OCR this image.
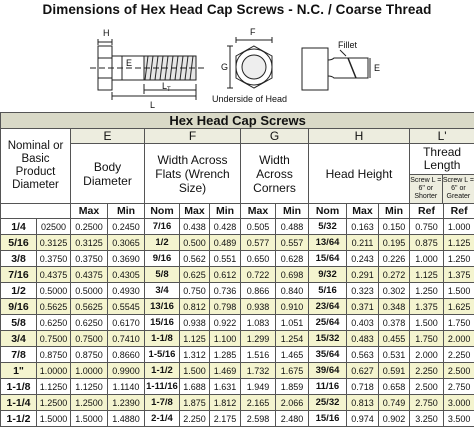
Dimensions of Hex Head Cap Screws - N.C. / Coarse Thread
H
E
$L_T$
L
F
G
Underside of Head
Fillet
E
Hex Head Cap Screws

Nominal or Basic Product Diameter
	E	F	G	H	L'
Body Diameter	Width Across Flats (Wrench Size)	Width Across Corners	Head Height	
Thread Length
Screw L = 6" or Shorter	Screw L = 6" or Greater

	Max	Min	Nom	Max	Min	Max	Min	Nom	Max	Min	Ref	Ref
1/4	02500	0.2500	0.2450	7/16	0.438	0.428	0.505	0.488	5/32	0.163	0.150	0.750	1.000
5/16	0.3125	0.3125	0.3065	1/2	0.500	0.489	0.577	0.557	13/64	0.211	0.195	0.875	1.125
3/8	0.3750	0.3750	0.3690	9/16	0.562	0.551	0.650	0.628	15/64	0.243	0.226	1.000	1.250
7/16	0.4375	0.4375	0.4305	5/8	0.625	0.612	0.722	0.698	9/32	0.291	0.272	1.125	1.375
1/2	0.5000	0.5000	0.4930	3/4	0.750	0.736	0.866	0.840	5/16	0.323	0.302	1.250	1.500
9/16	0.5625	0.5625	0.5545	13/16	0.812	0.798	0.938	0.910	23/64	0.371	0.348	1.375	1.625
5/8	0.6250	0.6250	0.6170	15/16	0.938	0.922	1.083	1.051	25/64	0.403	0.378	1.500	1.750
3/4	0.7500	0.7500	0.7410	1-1/8	1.125	1.100	1.299	1.254	15/32	0.483	0.455	1.750	2.000
7/8	0.8750	0.8750	0.8660	1-5/16	1.312	1.285	1.516	1.465	35/64	0.563	0.531	2.000	2.250
1"	1.0000	1.0000	0.9900	1-1/2	1.500	1.469	1.732	1.675	39/64	0.627	0.591	2.250	2.500
1-1/8	1.1250	1.1250	1.1140	1-11/16	1.688	1.631	1.949	1.859	11/16	0.718	0.658	2.500	2.750
1-1/4	1.2500	1.2500	1.2390	1-7/8	1.875	1.812	2.165	2.066	25/32	0.813	0.749	2.750	3.000
1-1/2	1.5000	1.5000	1.4880	2-1/4	2.250	2.175	2.598	2.480	15/16	0.974	0.902	3.250	3.500
